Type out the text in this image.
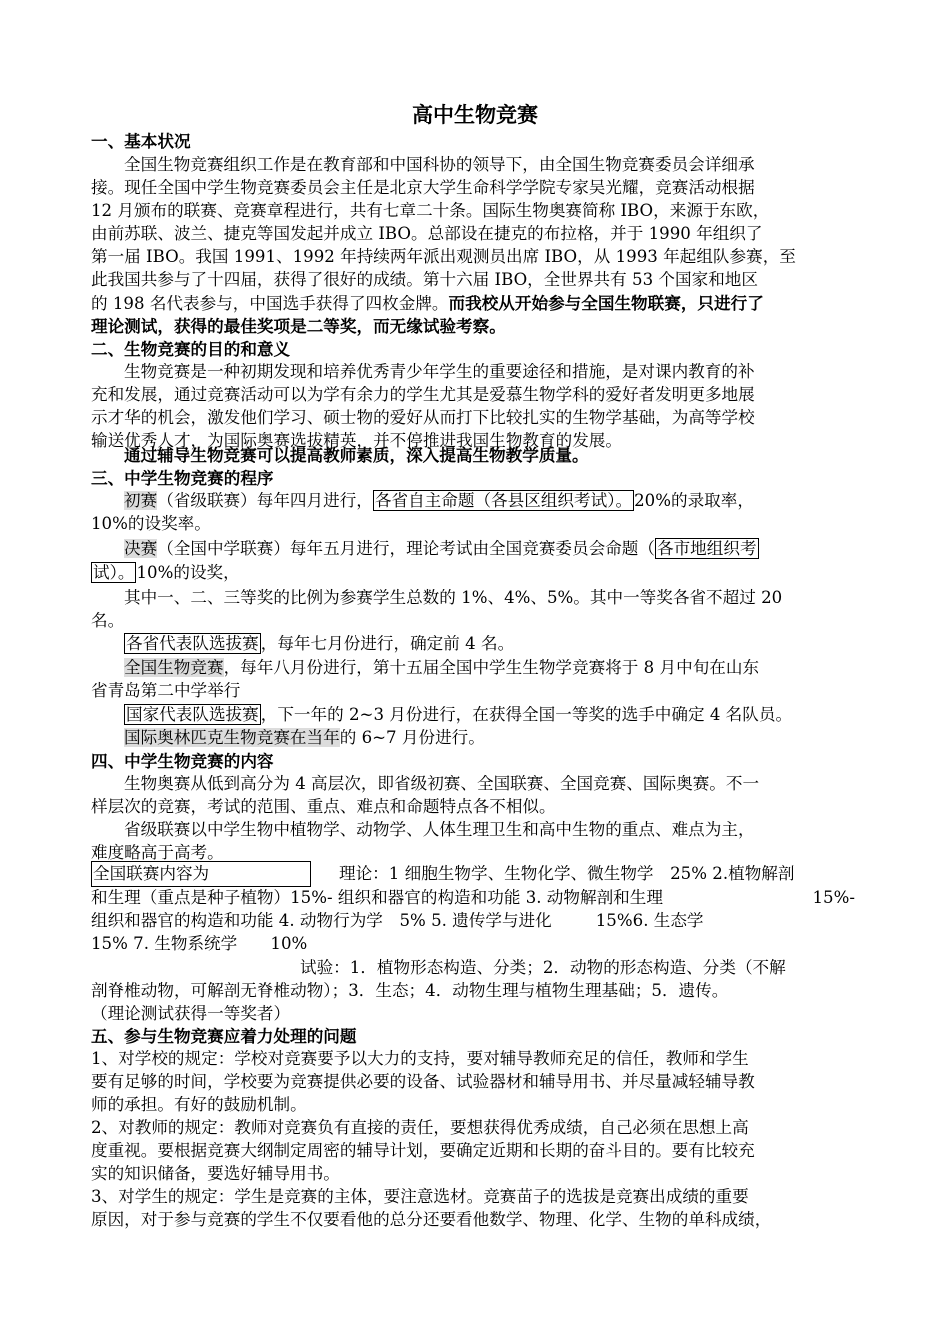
高中生物竞赛
一、基本状况
全国生物竞赛组织工作是在教育部和中国科协的领导下，由全国生物竞赛委员会详细承
接。现任全国中学生物竞赛委员会主任是北京大学生命科学学院专家吴光耀，竞赛活动根据
12 月颁布的联赛、竞赛章程进行，共有七章二十条。国际生物奥赛简称 IBO，来源于东欧，
由前苏联、波兰、捷克等国发起并成立 IBO。总部设在捷克的布拉格，并于 1990 年组织了
第一届 IBO。我国 1991、1992 年持续两年派出观测员出席 IBO，从 1993 年起组队参赛，至
此我国共参与了十四届，获得了很好的成绩。第十六届 IBO，全世界共有 53 个国家和地区
的 198 名代表参与，中国选手获得了四枚金牌。而我校从开始参与全国生物联赛，只进行了
理论测试，获得的最佳奖项是二等奖，而无缘试验考察。
二、生物竞赛的目的和意义
生物竞赛是一种初期发现和培养优秀青少年学生的重要途径和措施，是对课内教育的补
充和发展，通过竞赛活动可以为学有余力的学生尤其是爱慕生物学科的爱好者发明更多地展
示才华的机会，激发他们学习、硕士物的爱好从而打下比较扎实的生物学基础，为高等学校
输送优秀人才，为国际奥赛选拔精英，并不停推进我国生物教育的发展。
通过辅导生物竞赛可以提高教师素质，深入提高生物教学质量。
三、中学生物竞赛的程序
初赛（省级联赛）每年四月进行， 各省自主命题（各县区组织考试）。 20%的录取率，
10%的设奖率。
决赛（全国中学联赛）每年五月进行，理论考试由全国竞赛委员会命题（ 各市地组织考
试）。 10%的设奖，
其中一、二、三等奖的比例为参赛学生总数的 1%、4%、5%。其中一等奖各省不超过 20
名。
各省代表队选拔赛 ，每年七月份进行，确定前 4 名。
全国生物竞赛，每年八月份进行，第十五届全国中学生生物学竞赛将于 8 月中旬在山东
省青岛第二中学举行
国家代表队选拔赛 ，下一年的 2~3 月份进行，在获得全国一等奖的选手中确定 4 名队员。
国际奥林匹克生物竞赛在当年的 6~7 月份进行。
四、中学生物竞赛的内容
生物奥赛从低到高分为 4 高层次，即省级初赛、全国联赛、全国竞赛、国际奥赛。不一
样层次的竞赛，考试的范围、重点、难点和命题特点各不相似。
省级联赛以中学生物中植物学、动物学、人体生理卫生和高中生物的重点、难点为主，
难度略高于高考。
全国联赛内容为	理论：1 细胞生物学、生物化学、微生物学　25% 2.植物解剖
和生理（重点是种子植物）15%- 组织和器官的构造和功能 3. 动物解剖和生理	15%-
组织和器官的构造和功能 4. 动物行为学　5% 5. 遗传学与进化	15%6. 生态学
15% 7. 生物系统学　　10%
试验：1．植物形态构造、分类；2．动物的形态构造、分类（不解
剖脊椎动物，可解剖无脊椎动物）；3．生态；4．动物生理与植物生理基础；5．遗传。
（理论测试获得一等奖者）
五、参与生物竞赛应着力处理的问题
1、对学校的规定：学校对竞赛要予以大力的支持，要对辅导教师充足的信任，教师和学生
要有足够的时间，学校要为竞赛提供必要的设备、试验器材和辅导用书、并尽量减轻辅导教
师的承担。有好的鼓励机制。
2、对教师的规定：教师对竞赛负有直接的责任，要想获得优秀成绩，自己必须在思想上高
度重视。要根据竞赛大纲制定周密的辅导计划，要确定近期和长期的奋斗目的。要有比较充
实的知识储备，要选好辅导用书。
3、对学生的规定：学生是竞赛的主体，要注意选材。竞赛苗子的选拔是竞赛出成绩的重要
原因，对于参与竞赛的学生不仅要看他的总分还要看他数学、物理、化学、生物的单科成绩，
